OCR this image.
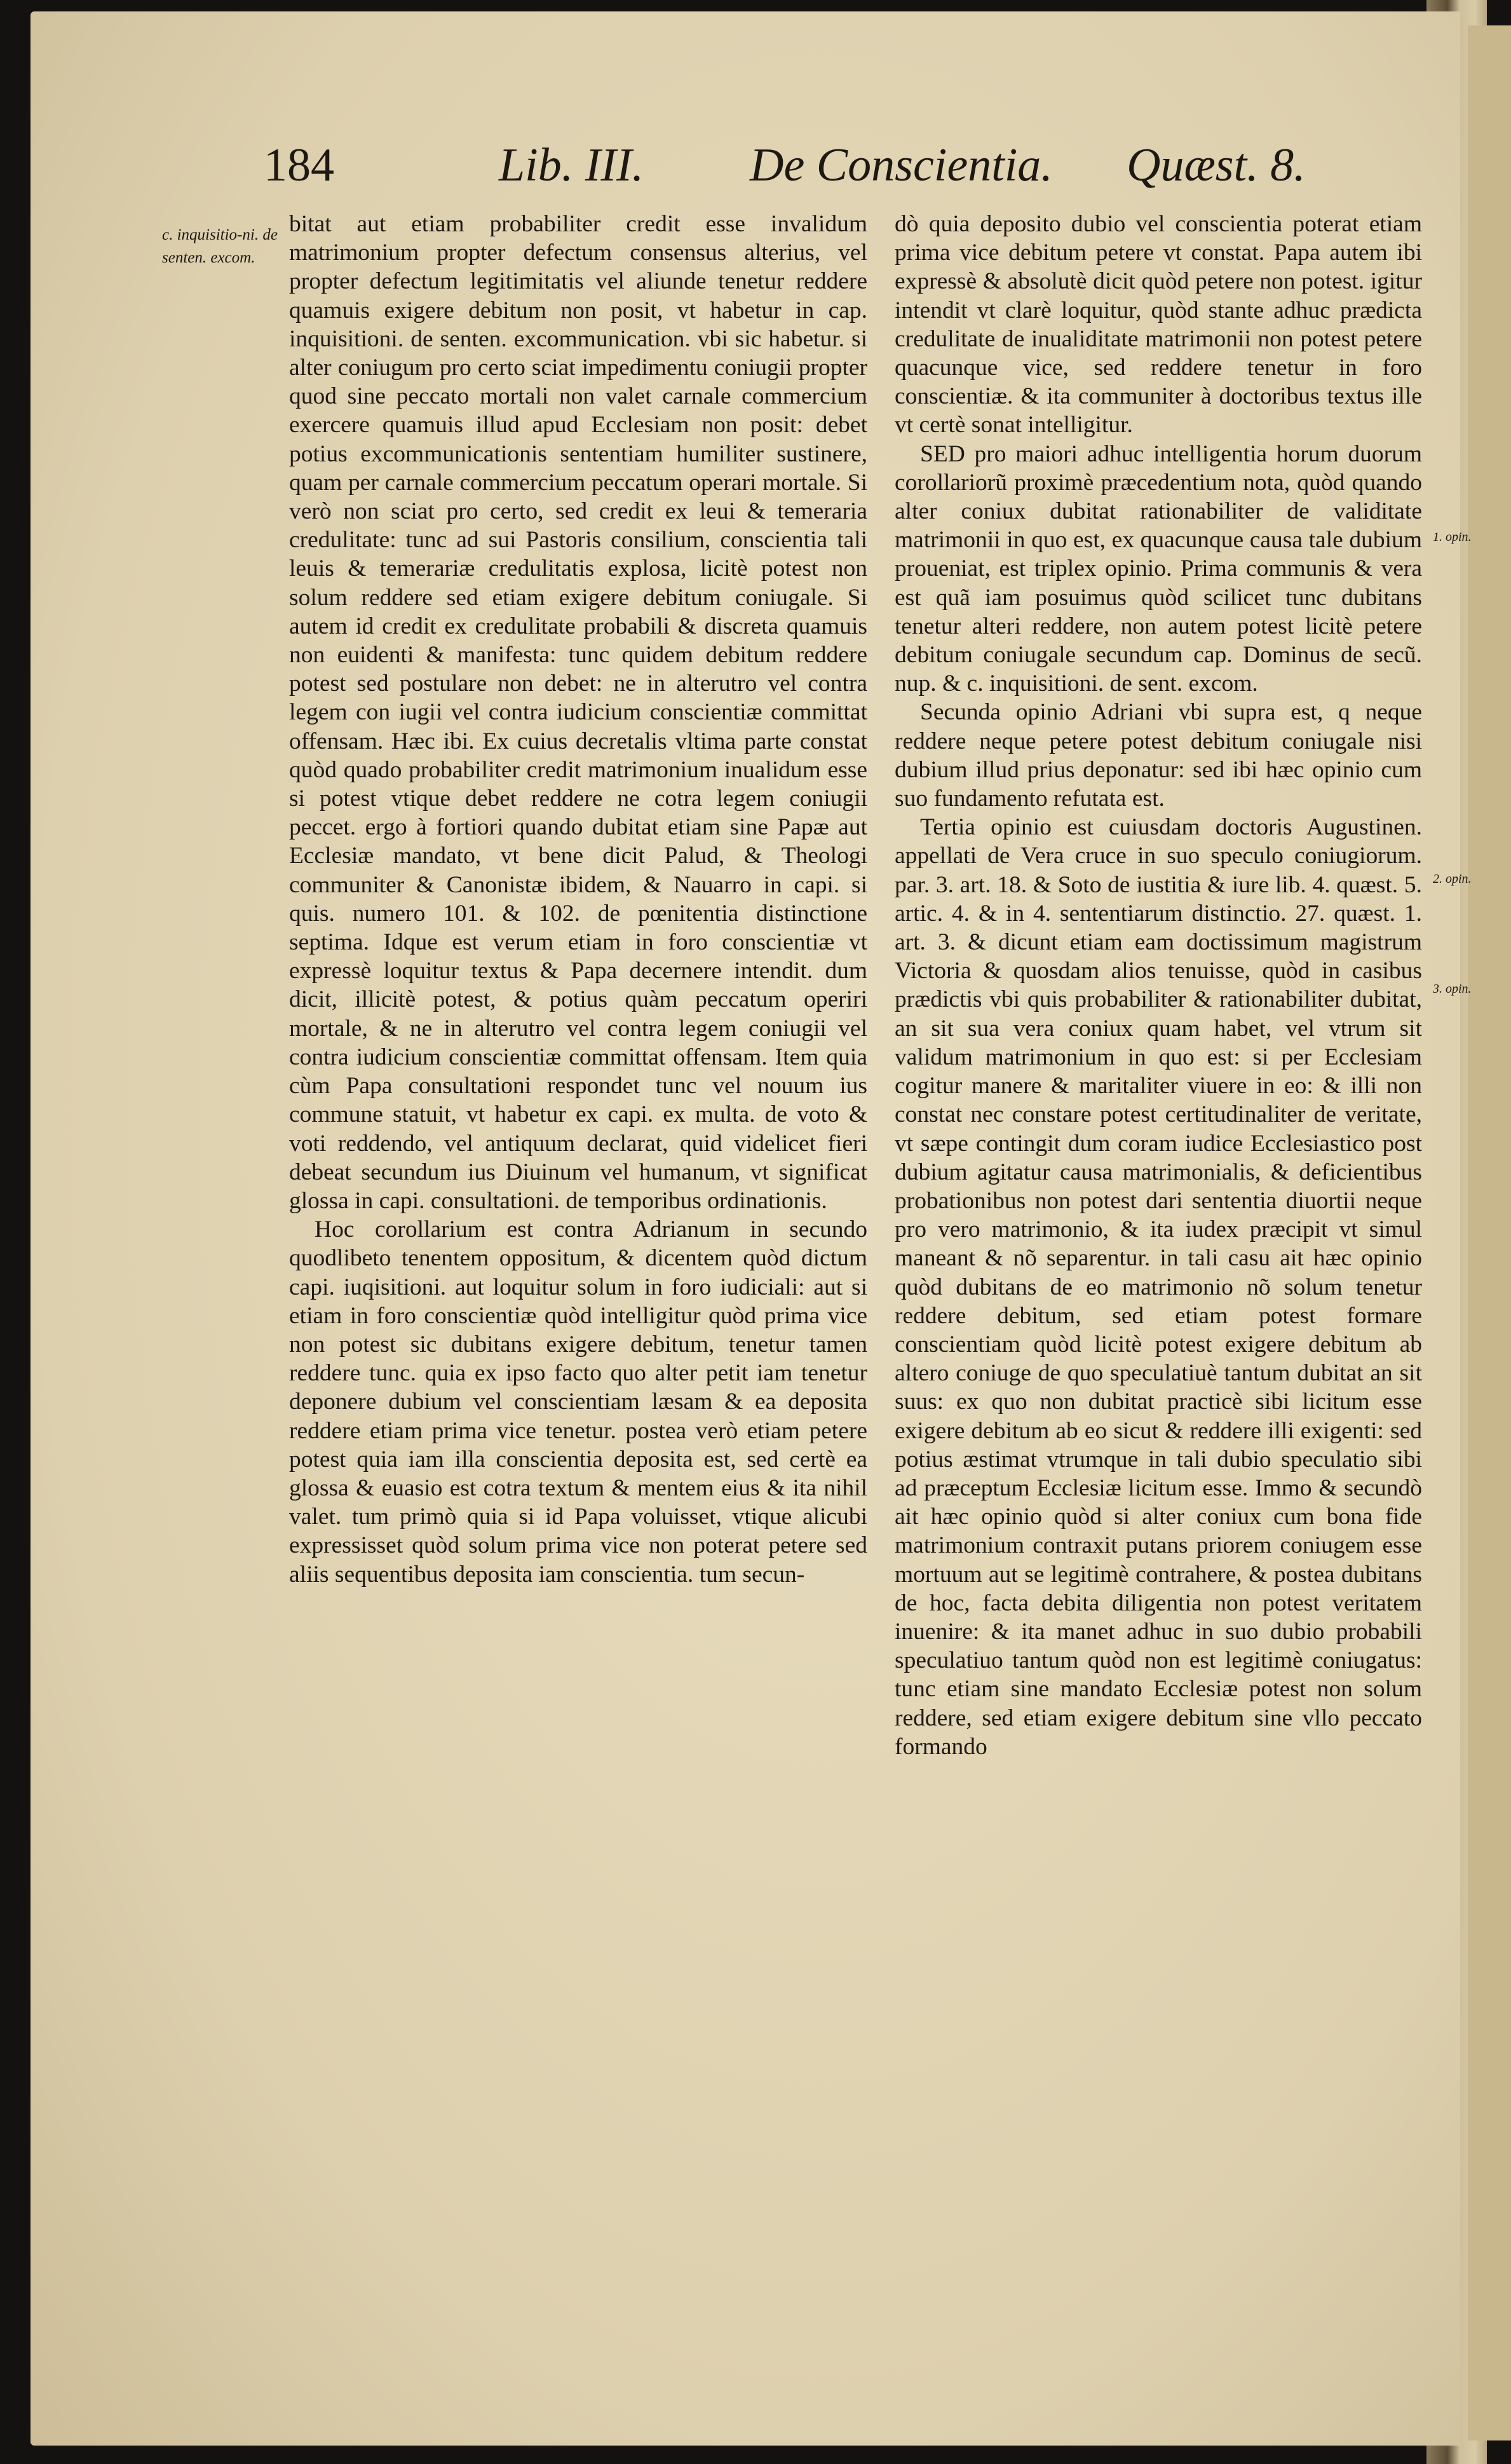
184	Lib. III. De Conscientia. Quæst. 8.
c. inquisitio-ni. de senten. excom.
1. opin.
2. opin.
3. opin.

bitat aut etiam probabiliter credit esse invalidum matrimonium propter defectum consensus alterius, vel propter defectum legitimitatis vel aliunde tenetur reddere quamuis exigere debitum non posit, vt habetur in cap. inquisitioni. de senten. excommunication. vbi sic habetur. si alter coniugum pro certo sciat impedimentu coniugii propter quod sine peccato mortali non valet carnale commercium exercere quamuis illud apud Ecclesiam non posit: debet potius excommunicationis sententiam humiliter sustinere, quam per carnale commercium peccatum operari mortale. Si verò non sciat pro certo, sed credit ex leui & temeraria credulitate: tunc ad sui Pastoris consilium, conscientia tali leuis & temerariæ credulitatis explosa, licitè potest non solum reddere sed etiam exigere debitum coniugale. Si autem id credit ex credulitate probabili & discreta quamuis non euidenti & manifesta: tunc quidem debitum reddere potest sed postulare non debet: ne in alterutro vel contra legem con iugii vel contra iudicium conscientiæ committat offensam. Hæc ibi. Ex cuius decretalis vltima parte constat quòd quado probabiliter credit matrimonium inualidum esse si potest vtique debet reddere ne cotra legem coniugii peccet. ergo à fortiori quando dubitat etiam sine Papæ aut Ecclesiæ mandato, vt bene dicit Palud, & Theologi communiter & Canonistæ ibidem, & Nauarro in capi. si quis. numero 101. & 102. de pœnitentia distinctione septima. Idque est verum etiam in foro conscientiæ vt expressè loquitur textus & Papa decernere intendit. dum dicit, illicitè potest, & potius quàm peccatum operiri mortale, & ne in alterutro vel contra legem coniugii vel contra iudicium conscientiæ committat offensam. Item quia cùm Papa consultationi respondet tunc vel nouum ius commune statuit, vt habetur ex capi. ex multa. de voto & voti reddendo, vel antiquum declarat, quid videlicet fieri debeat secundum ius Diuinum vel humanum, vt significat glossa in capi. consultationi. de temporibus ordinationis.

Hoc corollarium est contra Adrianum in secundo quodlibeto tenentem oppositum, & dicentem quòd dictum capi. iuqisitioni. aut loquitur solum in foro iudiciali: aut si etiam in foro conscientiæ quòd intelligitur quòd prima vice non potest sic dubitans exigere debitum, tenetur tamen reddere tunc. quia ex ipso facto quo alter petit iam tenetur deponere dubium vel conscientiam læsam & ea deposita reddere etiam prima vice tenetur. postea verò etiam petere potest quia iam illa conscientia deposita est, sed certè ea glossa & euasio est cotra textum & mentem eius & ita nihil valet. tum primò quia si id Papa voluisset, vtique alicubi expressisset quòd solum prima vice non poterat petere sed aliis sequentibus deposita iam conscientia. tum secun-

dò quia deposito dubio vel conscientia poterat etiam prima vice debitum petere vt constat. Papa autem ibi expressè & absolutè dicit quòd petere non potest. igitur intendit vt clarè loquitur, quòd stante adhuc prædicta credulitate de inualiditate matrimonii non potest petere quacunque vice, sed reddere tenetur in foro conscientiæ. & ita communiter à doctoribus textus ille vt certè sonat intelligitur.

SED pro maiori adhuc intelligentia horum duorum corollariorũ proximè præcedentium nota, quòd quando alter coniux dubitat rationabiliter de validitate matrimonii in quo est, ex quacunque causa tale dubium proueniat, est triplex opinio. Prima communis & vera est quã iam posuimus quòd scilicet tunc dubitans tenetur alteri reddere, non autem potest licitè petere debitum coniugale secundum cap. Dominus de secũ. nup. & c. inquisitioni. de sent. excom.

Secunda opinio Adriani vbi supra est, q neque reddere neque petere potest debitum coniugale nisi dubium illud prius deponatur: sed ibi hæc opinio cum suo fundamento refutata est.

Tertia opinio est cuiusdam doctoris Augustinen. appellati de Vera cruce in suo speculo coniugiorum. par. 3. art. 18. & Soto de iustitia & iure lib. 4. quæst. 5. artic. 4. & in 4. sententiarum distinctio. 27. quæst. 1. art. 3. & dicunt etiam eam doctissimum magistrum Victoria & quosdam alios tenuisse, quòd in casibus prædictis vbi quis probabiliter & rationabiliter dubitat, an sit sua vera coniux quam habet, vel vtrum sit validum matrimonium in quo est: si per Ecclesiam cogitur manere & maritaliter viuere in eo: & illi non constat nec constare potest certitudinaliter de veritate, vt sæpe contingit dum coram iudice Ecclesiastico post dubium agitatur causa matrimonialis, & deficientibus probationibus non potest dari sententia diuortii neque pro vero matrimonio, & ita iudex præcipit vt simul maneant & nõ separentur. in tali casu ait hæc opinio quòd dubitans de eo matrimonio nõ solum tenetur reddere debitum, sed etiam potest formare conscientiam quòd licitè potest exigere debitum ab altero coniuge de quo speculatiuè tantum dubitat an sit suus: ex quo non dubitat practicè sibi licitum esse exigere debitum ab eo sicut & reddere illi exigenti: sed potius æstimat vtrumque in tali dubio speculatio sibi ad præceptum Ecclesiæ licitum esse. Immo & secundò ait hæc opinio quòd si alter coniux cum bona fide matrimonium contraxit putans priorem coniugem esse mortuum aut se legitimè contrahere, & postea dubitans de hoc, facta debita diligentia non potest veritatem inuenire: & ita manet adhuc in suo dubio probabili speculatiuo tantum quòd non est legitimè coniugatus: tunc etiam sine mandato Ecclesiæ potest non solum reddere, sed etiam exigere debitum sine vllo peccato formando
